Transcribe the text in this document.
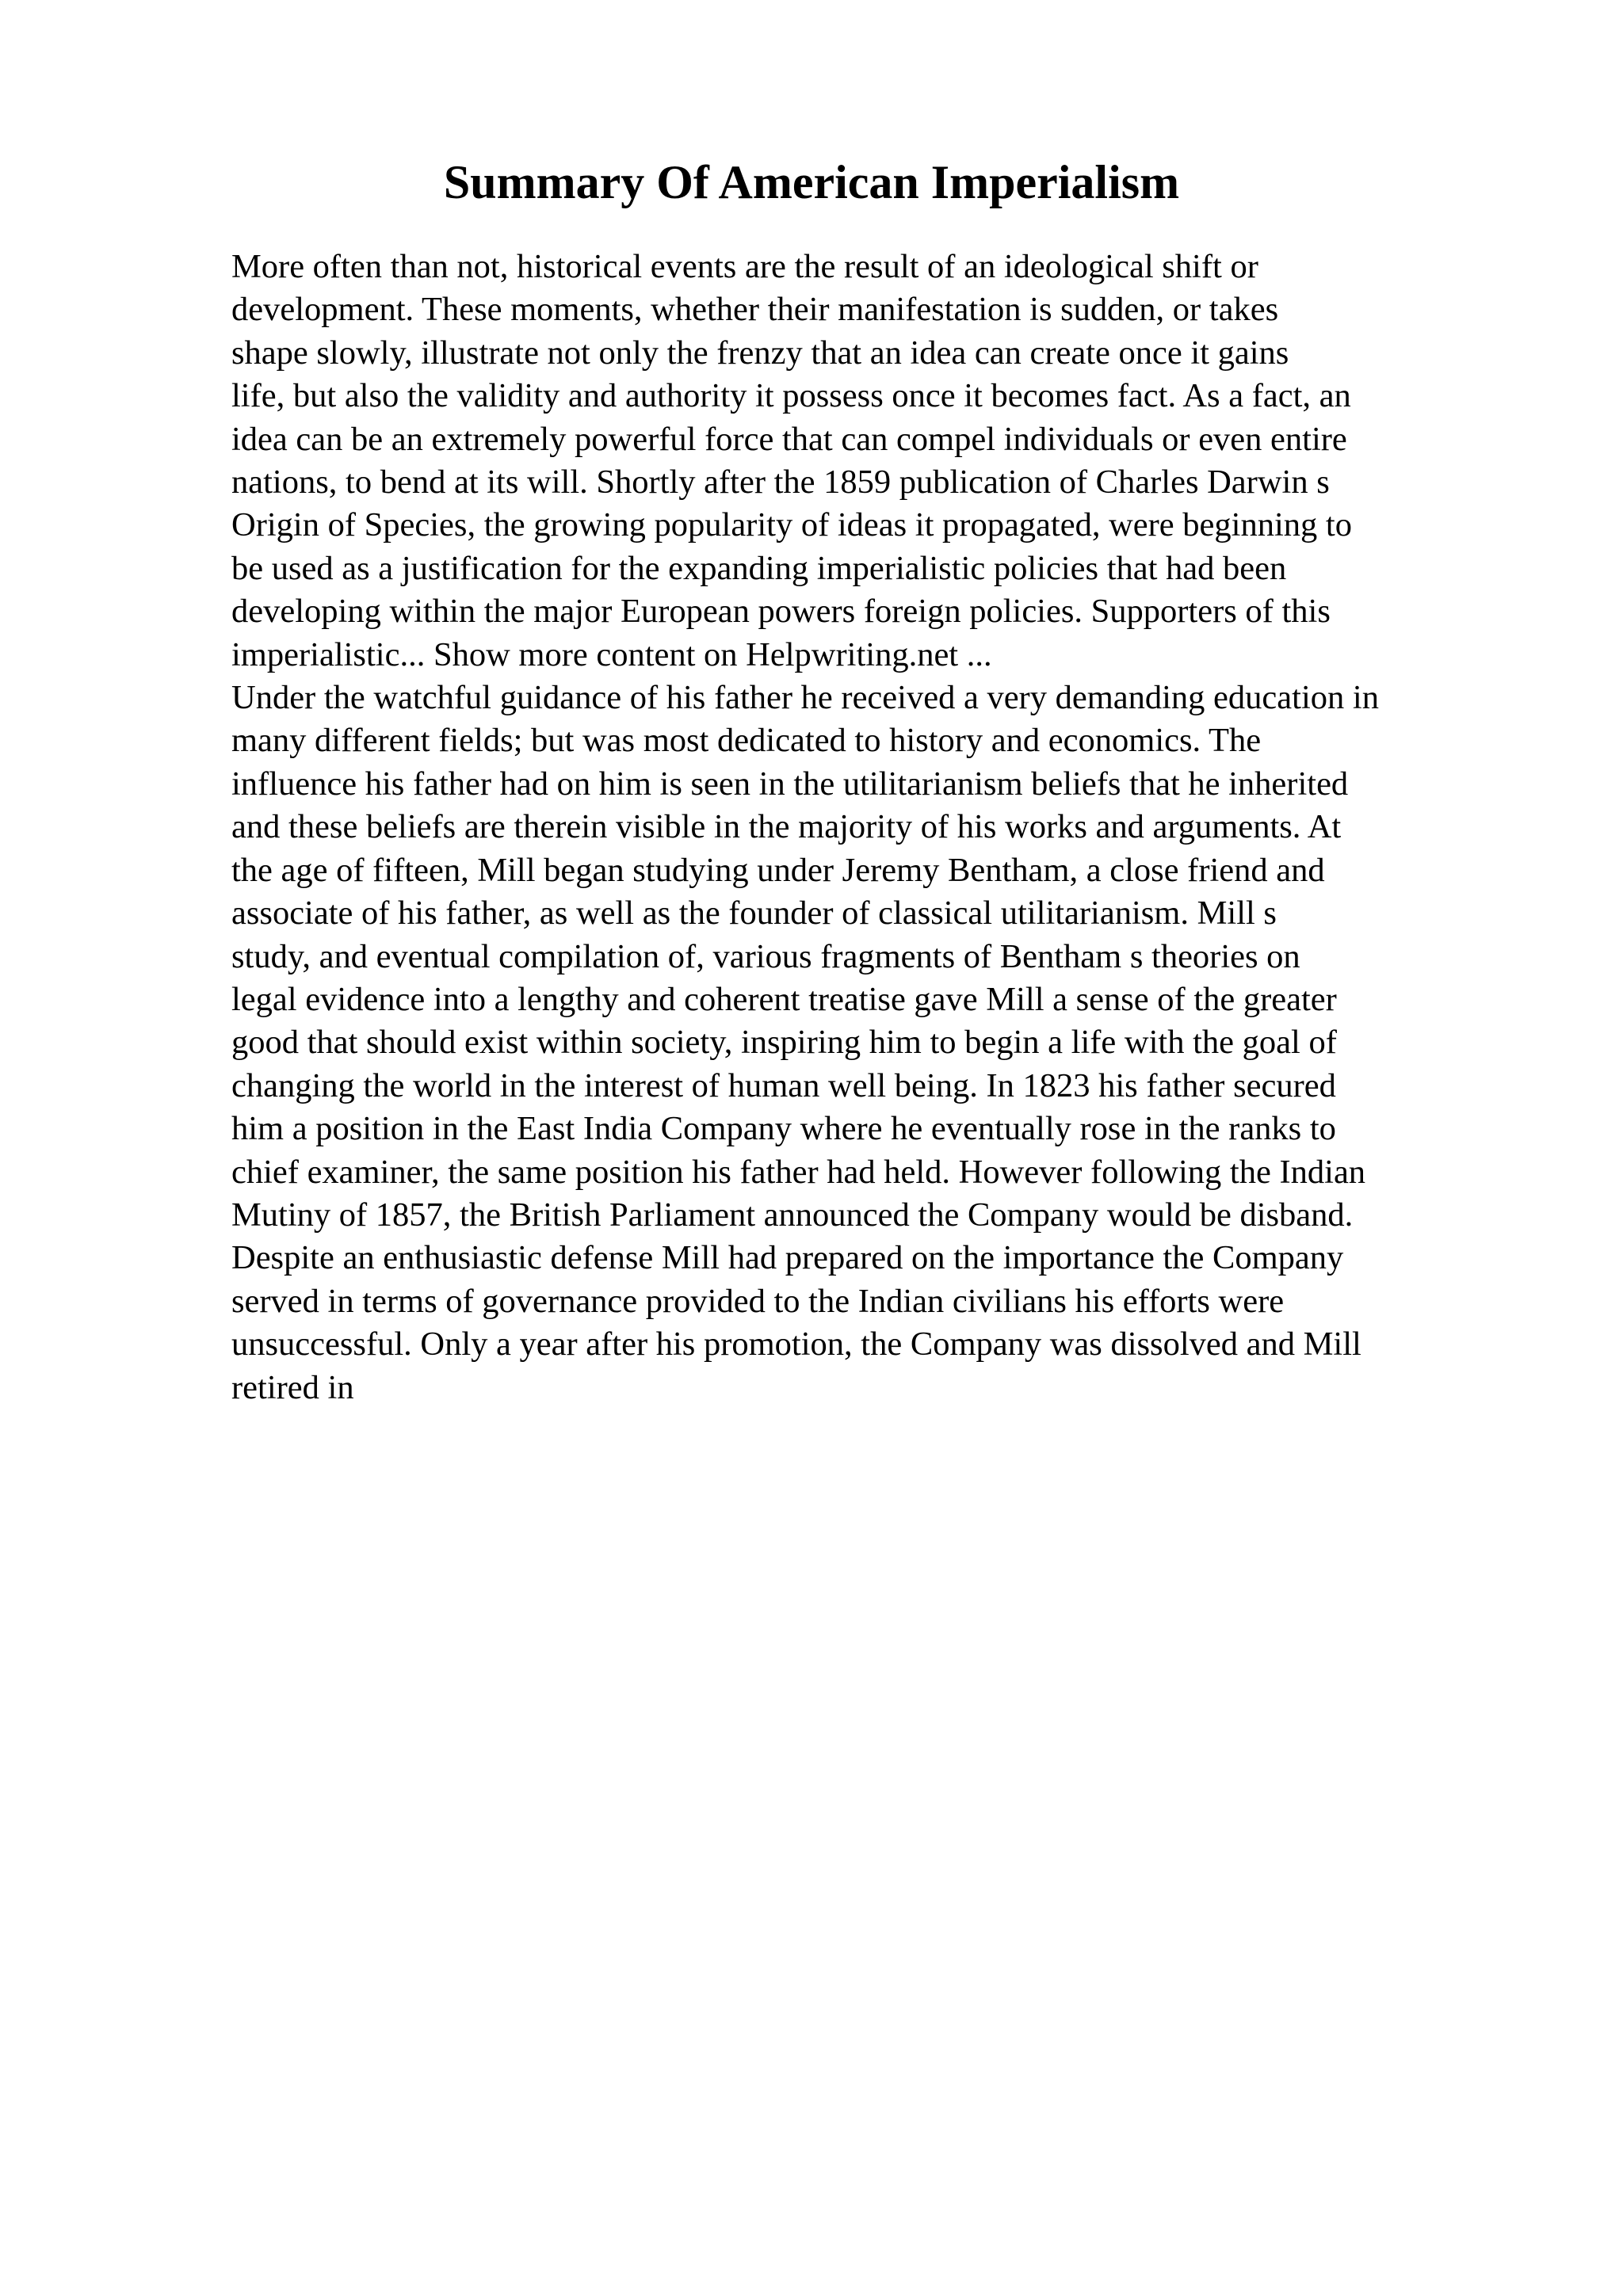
Summary Of American Imperialism
More often than not, historical events are the result of an ideological shift or
development. These moments, whether their manifestation is sudden, or takes
shape slowly, illustrate not only the frenzy that an idea can create once it gains
life, but also the validity and authority it possess once it becomes fact. As a fact, an
idea can be an extremely powerful force that can compel individuals or even entire
nations, to bend at its will. Shortly after the 1859 publication of Charles Darwin s
Origin of Species, the growing popularity of ideas it propagated, were beginning to
be used as a justification for the expanding imperialistic policies that had been
developing within the major European powers foreign policies. Supporters of this
imperialistic... Show more content on Helpwriting.net ...
Under the watchful guidance of his father he received a very demanding education in
many different fields; but was most dedicated to history and economics. The
influence his father had on him is seen in the utilitarianism beliefs that he inherited
and these beliefs are therein visible in the majority of his works and arguments. At
the age of fifteen, Mill began studying under Jeremy Bentham, a close friend and
associate of his father, as well as the founder of classical utilitarianism. Mill s
study, and eventual compilation of, various fragments of Bentham s theories on
legal evidence into a lengthy and coherent treatise gave Mill a sense of the greater
good that should exist within society, inspiring him to begin a life with the goal of
changing the world in the interest of human well being. In 1823 his father secured
him a position in the East India Company where he eventually rose in the ranks to
chief examiner, the same position his father had held. However following the Indian
Mutiny of 1857, the British Parliament announced the Company would be disband.
Despite an enthusiastic defense Mill had prepared on the importance the Company
served in terms of governance provided to the Indian civilians his efforts were
unsuccessful. Only a year after his promotion, the Company was dissolved and Mill
retired in
